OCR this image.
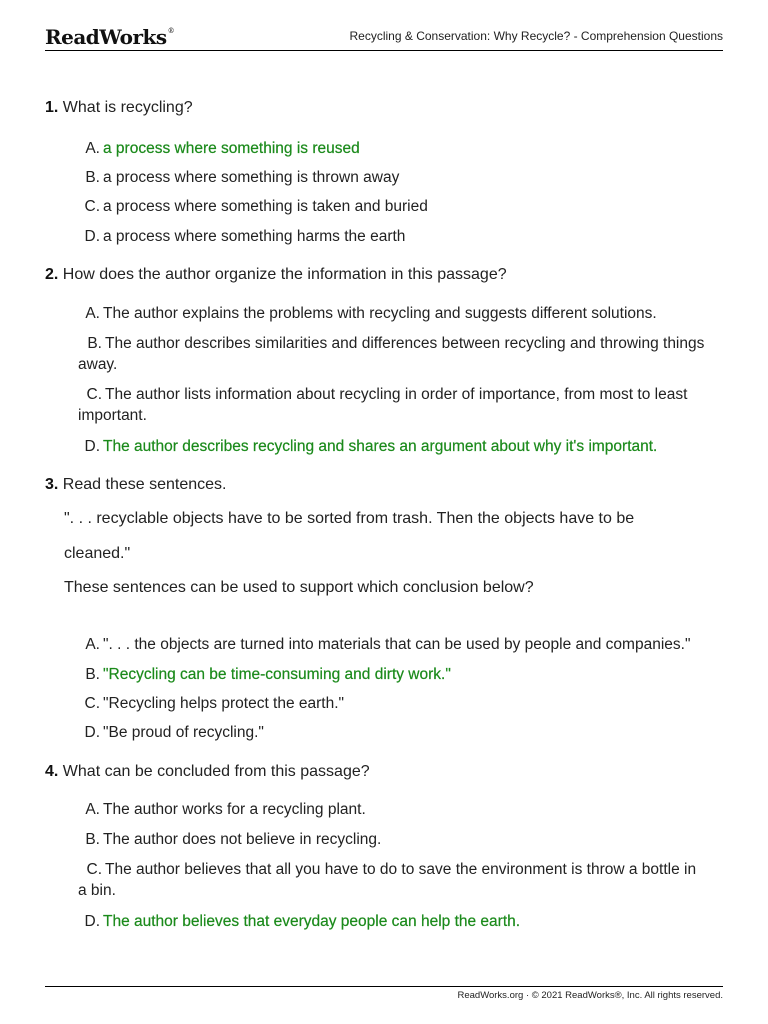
ReadWorks®	Recycling & Conservation: Why Recycle? - Comprehension Questions
1. What is recycling?
A. a process where something is reused
B. a process where something is thrown away
C. a process where something is taken and buried
D. a process where something harms the earth
2. How does the author organize the information in this passage?
A. The author explains the problems with recycling and suggests different solutions.
B. The author describes similarities and differences between recycling and throwing things away.
C. The author lists information about recycling in order of importance, from most to least important.
D. The author describes recycling and shares an argument about why it's important.
3. Read these sentences.
". . . recyclable objects have to be sorted from trash. Then the objects have to be
cleaned."
These sentences can be used to support which conclusion below?
A. ". . . the objects are turned into materials that can be used by people and companies."
B. "Recycling can be time-consuming and dirty work."
C. "Recycling helps protect the earth."
D. "Be proud of recycling."
4. What can be concluded from this passage?
A. The author works for a recycling plant.
B. The author does not believe in recycling.
C. The author believes that all you have to do to save the environment is throw a bottle in a bin.
D. The author believes that everyday people can help the earth.
ReadWorks.org · © 2021 ReadWorks®, Inc. All rights reserved.
